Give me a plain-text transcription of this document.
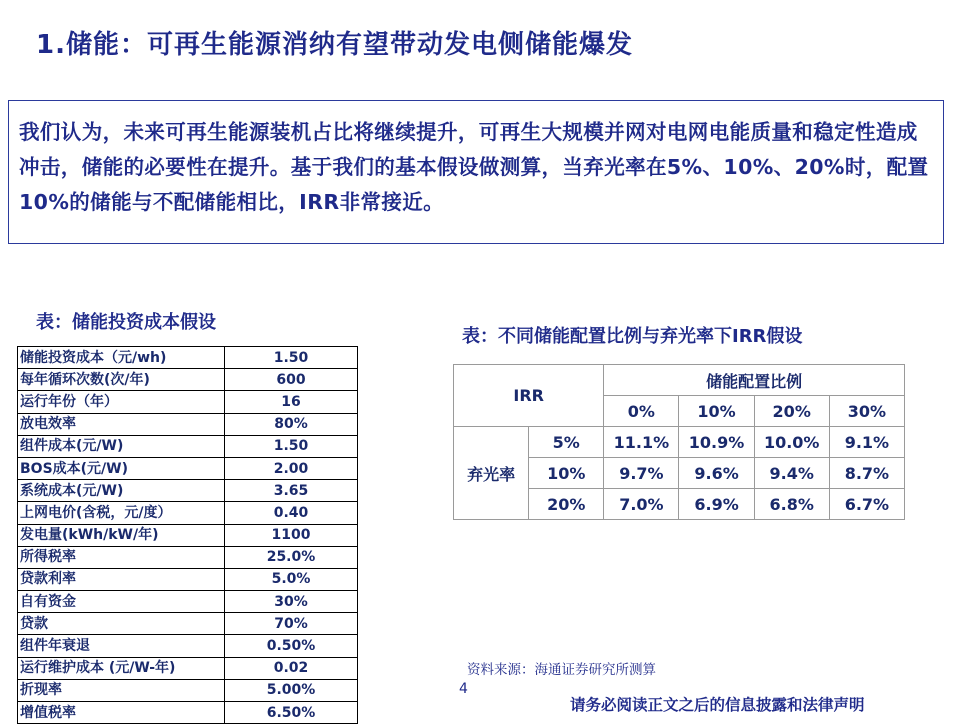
1.储能：可再生能源消纳有望带动发电侧储能爆发
我们认为，未来可再生能源装机占比将继续提升，可再生大规模并网对电网电能质量和稳定性造成冲击，储能的必要性在提升。基于我们的基本假设做测算，当弃光率在5%、10%、20%时，配置10%的储能与不配储能相比，IRR非常接近。
表：储能投资成本假设
表：不同储能配置比例与弃光率下IRR假设
储能投资成本（元/wh)	1.50
每年循环次数(次/年)	600
运行年份（年）	16
放电效率	80%
组件成本(元/W)	1.50
BOS成本(元/W)	2.00
系统成本(元/W)	3.65
上网电价(含税，元/度）	0.40
发电量(kWh/kW/年)	1100
所得税率	25.0%
贷款利率	5.0%
自有资金	30%
贷款	70%
组件年衰退	0.50%
运行维护成本 (元/W-年)	0.02
折现率	5.00%
增值税率	6.50%
IRR		储能配置比例			
		0%	10%	20%	30%
弃光率	5%	11.1%	10.9%	10.0%	9.1%
	10%	9.7%	9.6%	9.4%	8.7%
	20%	7.0%	6.9%	6.8%	6.7%
资料来源：海通证券研究所测算
4
请务必阅读正文之后的信息披露和法律声明
